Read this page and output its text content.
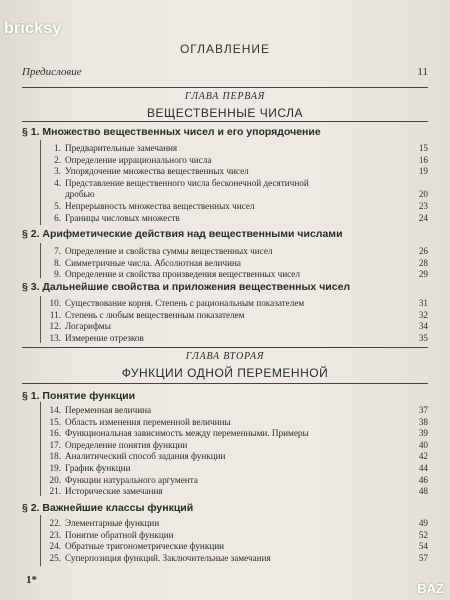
bricksy
ОГЛАВЛЕНИЕ
Предисловие	11
ГЛАВА ПЕРВАЯ
ВЕЩЕСТВЕННЫЕ ЧИСЛА
§ 1. Множество вещественных чисел и его упорядочение
1. Предварительные замечания	15
2. Определение иррационального числа	16
3. Упорядочение множества вещественных чисел	19
4. Представление вещественного числа бесконечной десятичной
дробью	20
5. Непрерывность множества вещественных чисел	23
6. Границы числовых множеств	24
§ 2. Арифметические действия над вещественными числами
7. Определение и свойства суммы вещественных чисел	26
8. Симметричные числа. Абсолютная величина	28
9. Определение и свойства произведения вещественных чисел	29
§ 3. Дальнейшие свойства и приложения вещественных чисел
10. Существование корня. Степень с рациональным показателем	31
11. Степень с любым вещественным показателем	32
12. Логарифмы	34
13. Измерение отрезков	35
ГЛАВА ВТОРАЯ
ФУНКЦИИ ОДНОЙ ПЕРЕМЕННОЙ
§ 1. Понятие функции
14. Переменная величина	37
15. Область изменения переменной величины	38
16. Функциональная зависимость между переменными. Примеры	39
17. Определение понятия функции	40
18. Аналитический способ задания функции	42
19. График функции	44
20. Функции натурального аргумента	46
21. Исторические замечания	48
§ 2. Важнейшие классы функций
22. Элементарные функции	49
23. Понятие обратной функции	52
24. Обратные тригонометрические функции	54
25. Суперпозиция функций. Заключительные замечания	57
1*
BAZ
